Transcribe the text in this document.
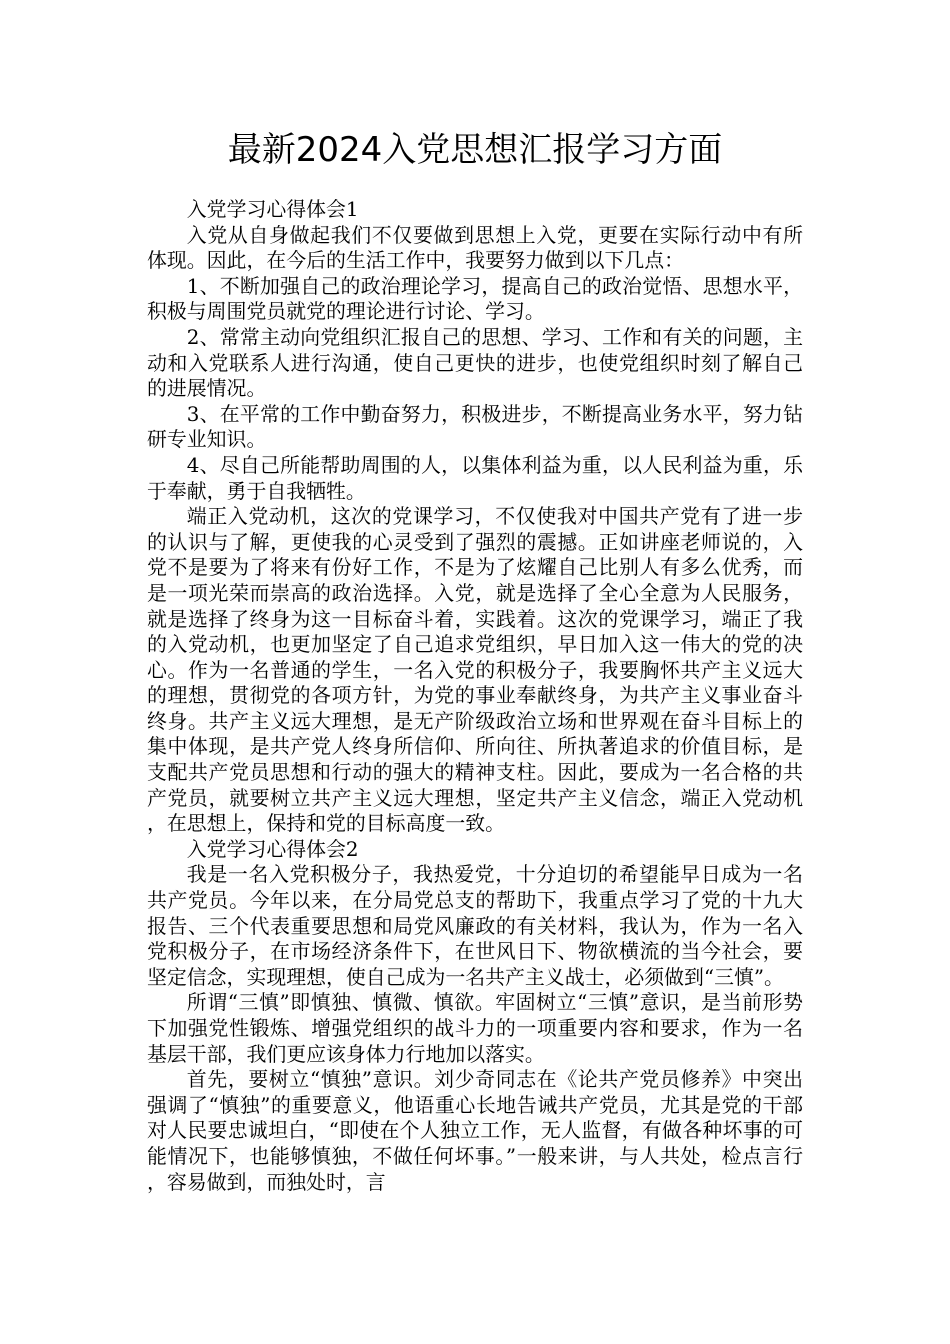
最新2024入党思想汇报学习方面

入党学习心得体会1

入党从自身做起我们不仅要做到思想上入党，更要在实际行动中有所体现。因此，在今后的生活工作中，我要努力做到以下几点：

1、不断加强自己的政治理论学习，提高自己的政治觉悟、思想水平，积极与周围党员就党的理论进行讨论、学习。

2、常常主动向党组织汇报自己的思想、学习、工作和有关的问题，主动和入党联系人进行沟通，使自己更快的进步，也使党组织时刻了解自己的进展情况。

3、在平常的工作中勤奋努力，积极进步，不断提高业务水平，努力钻研专业知识。

4、尽自己所能帮助周围的人，以集体利益为重，以人民利益为重，乐于奉献，勇于自我牺牲。

端正入党动机，这次的党课学习，不仅使我对中国共产党有了进一步的认识与了解，更使我的心灵受到了强烈的震撼。正如讲座老师说的，入党不是要为了将来有份好工作，不是为了炫耀自己比别人有多么优秀，而是一项光荣而崇高的政治选择。入党，就是选择了全心全意为人民服务，就是选择了终身为这一目标奋斗着，实践着。这次的党课学习，端正了我的入党动机，也更加坚定了自己追求党组织，早日加入这一伟大的党的决心。作为一名普通的学生，一名入党的积极分子，我要胸怀共产主义远大的理想，贯彻党的各项方针，为党的事业奉献终身，为共产主义事业奋斗终身。共产主义远大理想，是无产阶级政治立场和世界观在奋斗目标上的集中体现，是共产党人终身所信仰、所向往、所执著追求的价值目标，是支配共产党员思想和行动的强大的精神支柱。因此，要成为一名合格的共产党员，就要树立共产主义远大理想，坚定共产主义信念，端正入党动机，在思想上，保持和党的目标高度一致。

入党学习心得体会2

我是一名入党积极分子，我热爱党，十分迫切的希望能早日成为一名共产党员。今年以来，在分局党总支的帮助下，我重点学习了党的十九大报告、三个代表重要思想和局党风廉政的有关材料，我认为，作为一名入党积极分子，在市场经济条件下，在世风日下、物欲横流的当今社会，要坚定信念，实现理想，使自己成为一名共产主义战士，必须做到“三慎”。

所谓“三慎”即慎独、慎微、慎欲。牢固树立“三慎”意识，是当前形势下加强党性锻炼、增强党组织的战斗力的一项重要内容和要求，作为一名基层干部，我们更应该身体力行地加以落实。

首先，要树立“慎独”意识。刘少奇同志在《论共产党员修养》中突出强调了“慎独”的重要意义，他语重心长地告诫共产党员，尤其是党的干部对人民要忠诚坦白，“即使在个人独立工作，无人监督，有做各种坏事的可能情况下，也能够慎独，不做任何坏事。”一般来讲，与人共处，检点言行，容易做到，而独处时，言
